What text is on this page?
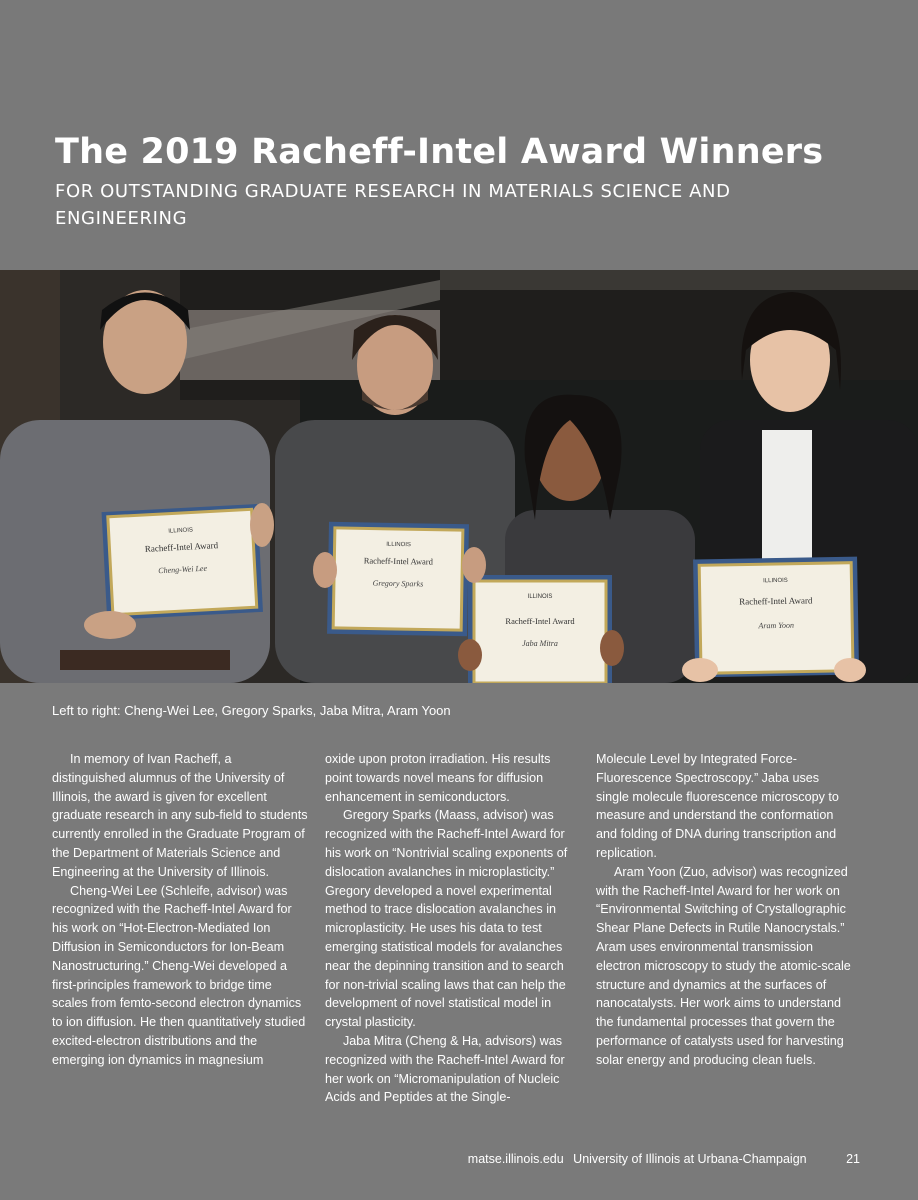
The 2019 Racheff-Intel Award Winners
FOR OUTSTANDING GRADUATE RESEARCH IN MATERIALS SCIENCE AND ENGINEERING
ILLINOIS
Racheff-Intel Award
Cheng-Wei Lee
ILLINOIS
Racheff-Intel Award
Gregory Sparks
ILLINOIS
Racheff-Intel Award
Jaba Mitra
ILLINOIS
Racheff-Intel Award
Aram Yoon
Left to right: Cheng-Wei Lee, Gregory Sparks, Jaba Mitra, Aram Yoon

In memory of Ivan Racheff, a distinguished alumnus of the University of Illinois, the award is given for excellent graduate research in any sub-field to students currently enrolled in the Graduate Program of the Department of Materials Science and Engineering at the University of Illinois.

Cheng-Wei Lee (Schleife, advisor) was recognized with the Racheff-Intel Award for his work on “Hot-Electron-Mediated Ion Diffusion in Semiconductors for Ion-Beam Nanostructuring.” Cheng-Wei developed a first-principles framework to bridge time scales from femto-second electron dynamics to ion diffusion. He then quantitatively studied excited-electron distributions and the emerging ion dynamics in magnesium

oxide upon proton irradiation. His results point towards novel means for diffusion enhancement in semiconductors.

Gregory Sparks (Maass, advisor) was recognized with the Racheff-Intel Award for his work on “Nontrivial scaling exponents of dislocation avalanches in microplasticity.” Gregory developed a novel experimental method to trace dislocation avalanches in microplasticity. He uses his data to test emerging statistical models for avalanches near the depinning transition and to search for non-trivial scaling laws that can help the development of novel statistical model in crystal plasticity.

Jaba Mitra (Cheng & Ha, advisors) was recognized with the Racheff-Intel Award for her work on “Micromanipulation of Nucleic Acids and Peptides at the Single-

Molecule Level by Integrated Force-Fluorescence Spectroscopy.” Jaba uses single molecule fluorescence microscopy to measure and understand the conformation and folding of DNA during transcription and replication.

Aram Yoon (Zuo, advisor) was recognized with the Racheff-Intel Award for her work on “Environmental Switching of Crystallographic Shear Plane Defects in Rutile Nanocrystals.” Aram uses environmental transmission electron microscopy to study the atomic-scale structure and dynamics at the surfaces of nanocatalysts. Her work aims to understand the fundamental processes that govern the performance of catalysts used for harvesting solar energy and producing clean fuels.

matse.illinois.edu University of Illinois at Urbana-Champaign	21
